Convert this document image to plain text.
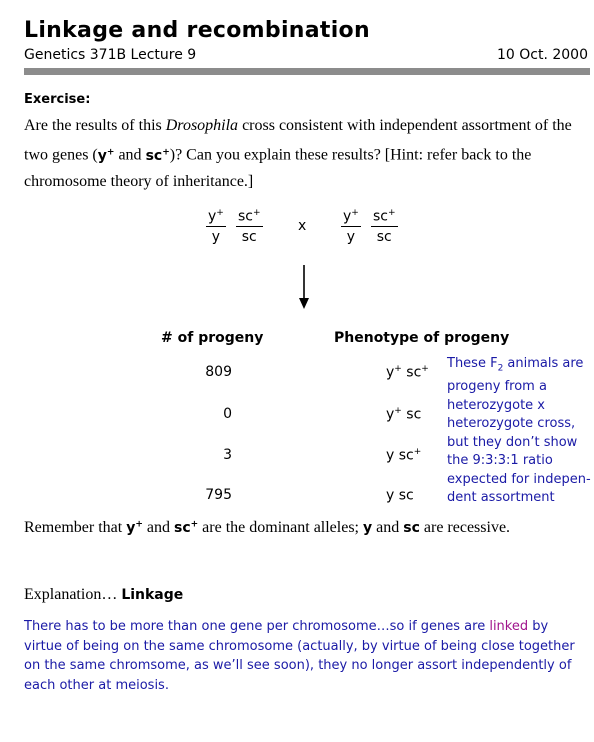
Linkage and recombination
Genetics 371B Lecture 9	10 Oct. 2000
Exercise:
Are the results of this Drosophila cross consistent with independent assortment of the two genes (y+ and sc+)? Can you explain these results? [Hint: refer back to the chromosome theory of inheritance.]
$\frac{y^+}{y} \frac{sc^+}{sc}$	x $\frac{y^+}{y} \frac{sc^+}{sc}$
# of progeny	Phenotype of progeny
809	y+ sc+
0	y+ sc
3	y sc+
795	y sc
These $F_2$ animals are
progeny from a
heterozygote x
heterozygote cross,
but they don’t show
the 9:3:3:1 ratio
expected for indepen-
dent assortment
Remember that y+ and sc+ are the dominant alleles; y and sc are recessive.
Explanation… Linkage
There has to be more than one gene per chromosome…so if genes are linked by virtue of being on the same chromosome (actually, by virtue of being close together on the same chromsome, as we’ll see soon), they no longer assort independently of each other at meiosis.
